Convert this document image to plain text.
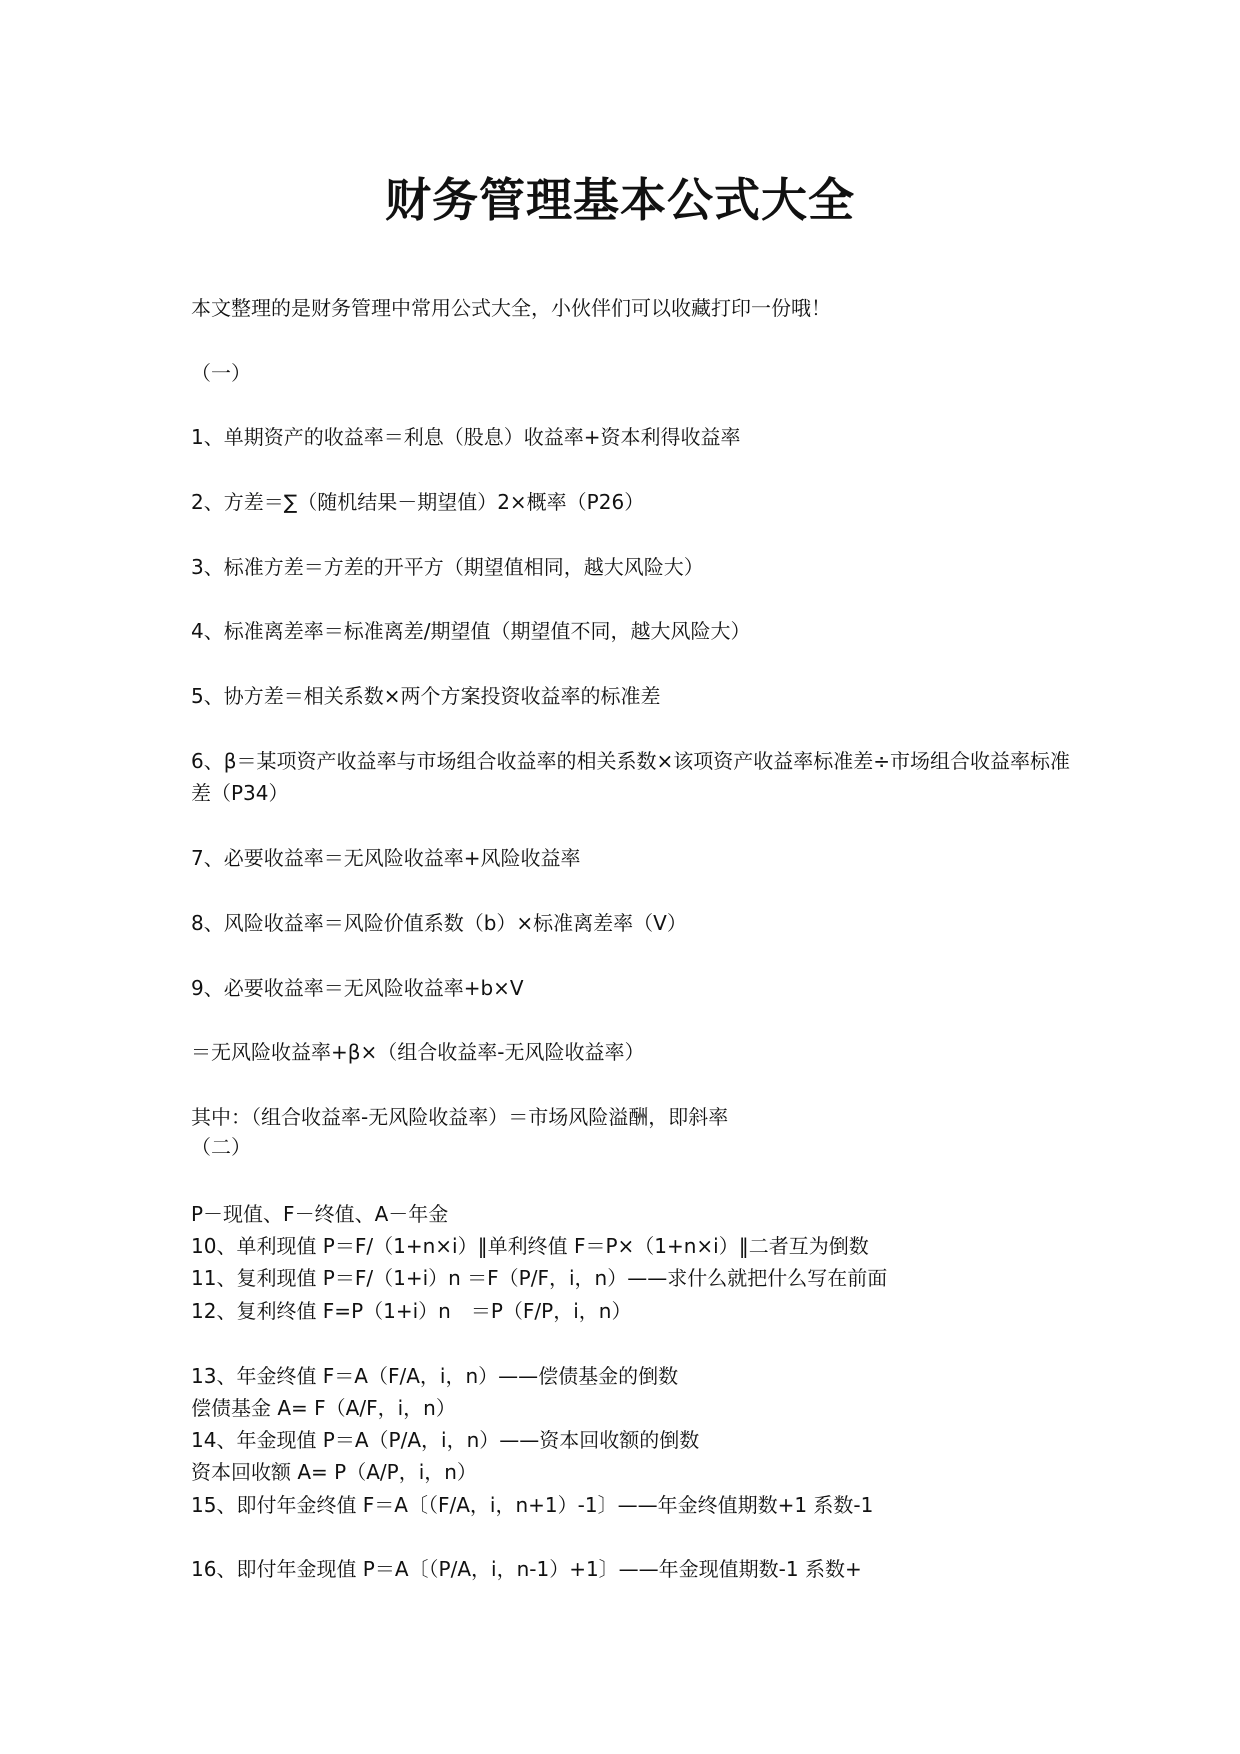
财务管理基本公式大全
本文整理的是财务管理中常用公式大全，小伙伴们可以收藏打印一份哦！
（一）
1、单期资产的收益率＝利息（股息）收益率+资本利得收益率
2、方差＝∑（随机结果－期望值）2×概率（P26）
3、标准方差＝方差的开平方（期望值相同，越大风险大）
4、标准离差率＝标准离差/期望值（期望值不同，越大风险大）
5、协方差＝相关系数×两个方案投资收益率的标准差
6、β＝某项资产收益率与市场组合收益率的相关系数×该项资产收益率标准差÷市场组合收益率标准差（P34）
7、必要收益率＝无风险收益率+风险收益率
8、风险收益率＝风险价值系数（b）×标准离差率（V）
9、必要收益率＝无风险收益率+b×V
＝无风险收益率+β×（组合收益率-无风险收益率）
其中：（组合收益率-无风险收益率）＝市场风险溢酬，即斜率
（二）
P－现值、F－终值、A－年金
10、单利现值 P＝F/（1+n×i）‖单利终值 F＝P×（1+n×i）‖二者互为倒数
11、复利现值 P＝F/（1+i）n ＝F（P/F，i，n）——求什么就把什么写在前面
12、复利终值 F=P（1+i）n　＝P（F/P，i，n）
13、年金终值 F＝A（F/A，i，n）——偿债基金的倒数
偿债基金 A= F（A/F，i，n）
14、年金现值 P＝A（P/A，i，n）——资本回收额的倒数
资本回收额 A= P（A/P，i，n）
15、即付年金终值 F＝A〔（F/A，i，n+1）-1〕——年金终值期数+1 系数-1
16、即付年金现值 P＝A〔（P/A，i，n-1）+1〕——年金现值期数-1 系数+
